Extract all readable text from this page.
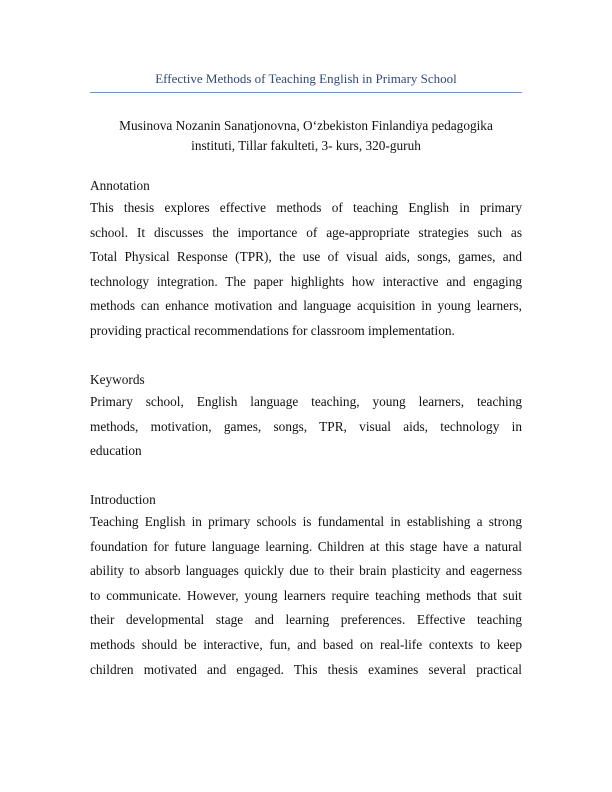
Effective Methods of Teaching English in Primary School
Musinova Nozanin Sanatjonovna, O‘zbekiston Finlandiya pedagogika
instituti, Tillar fakulteti, 3- kurs, 320-guruh

Annotation

This thesis explores effective methods of teaching English in primary
school. It discusses the importance of age-appropriate strategies such as
Total Physical Response (TPR), the use of visual aids, songs, games, and
technology integration. The paper highlights how interactive and engaging
methods can enhance motivation and language acquisition in young learners,
providing practical recommendations for classroom implementation.

Keywords

Primary school, English language teaching, young learners, teaching
methods, motivation, games, songs, TPR, visual aids, technology in
education

Introduction

Teaching English in primary schools is fundamental in establishing a strong
foundation for future language learning. Children at this stage have a natural
ability to absorb languages quickly due to their brain plasticity and eagerness
to communicate. However, young learners require teaching methods that suit
their developmental stage and learning preferences. Effective teaching
methods should be interactive, fun, and based on real-life contexts to keep
children motivated and engaged. This thesis examines several practical
